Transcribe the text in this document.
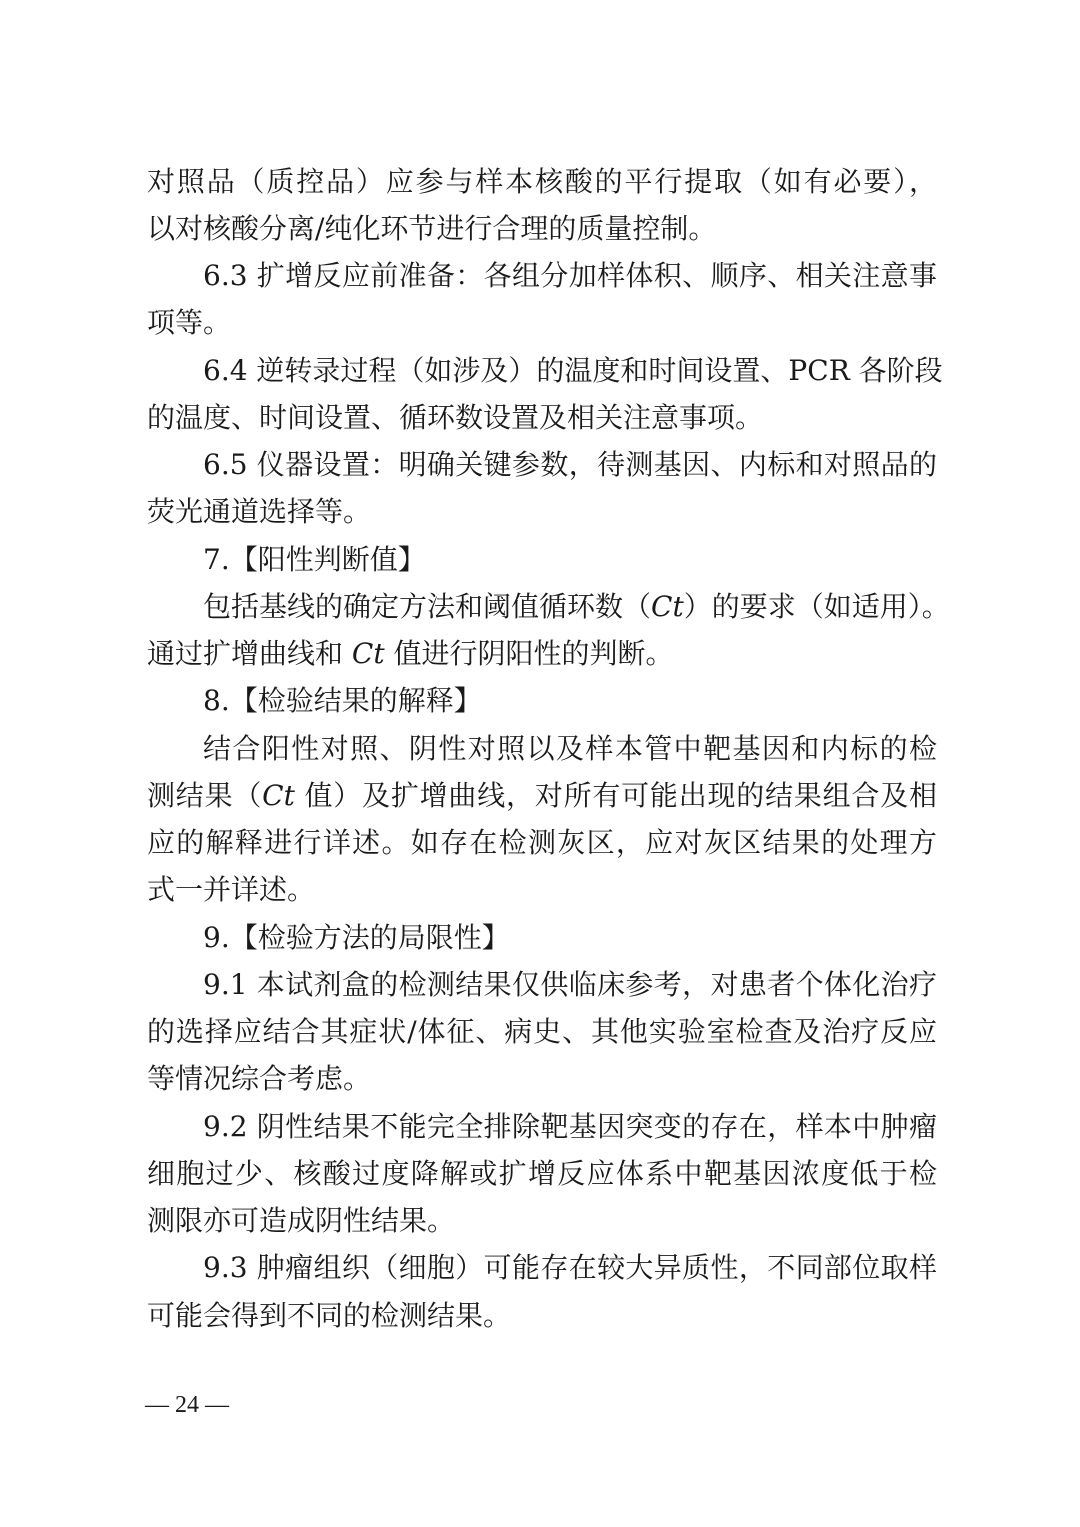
对照品（质控品）应参与样本核酸的平行提取（如有必要），
以对核酸分离/纯化环节进行合理的质量控制。
6.3 扩增反应前准备：各组分加样体积、顺序、相关注意事
项等。
6.4 逆转录过程（如涉及）的温度和时间设置、PCR 各阶段
的温度、时间设置、循环数设置及相关注意事项。
6.5 仪器设置：明确关键参数，待测基因、内标和对照品的
荧光通道选择等。
7.【阳性判断值】
包括基线的确定方法和阈值循环数（Ct）的要求（如适用）。
通过扩增曲线和 Ct 值进行阴阳性的判断。
8.【检验结果的解释】
结合阳性对照、阴性对照以及样本管中靶基因和内标的检
测结果（Ct 值）及扩增曲线，对所有可能出现的结果组合及相
应的解释进行详述。如存在检测灰区，应对灰区结果的处理方
式一并详述。
9.【检验方法的局限性】
9.1 本试剂盒的检测结果仅供临床参考，对患者个体化治疗
的选择应结合其症状/体征、病史、其他实验室检查及治疗反应
等情况综合考虑。
9.2 阴性结果不能完全排除靶基因突变的存在，样本中肿瘤
细胞过少、核酸过度降解或扩增反应体系中靶基因浓度低于检
测限亦可造成阴性结果。
9.3 肿瘤组织（细胞）可能存在较大异质性，不同部位取样
可能会得到不同的检测结果。
— 24 —
